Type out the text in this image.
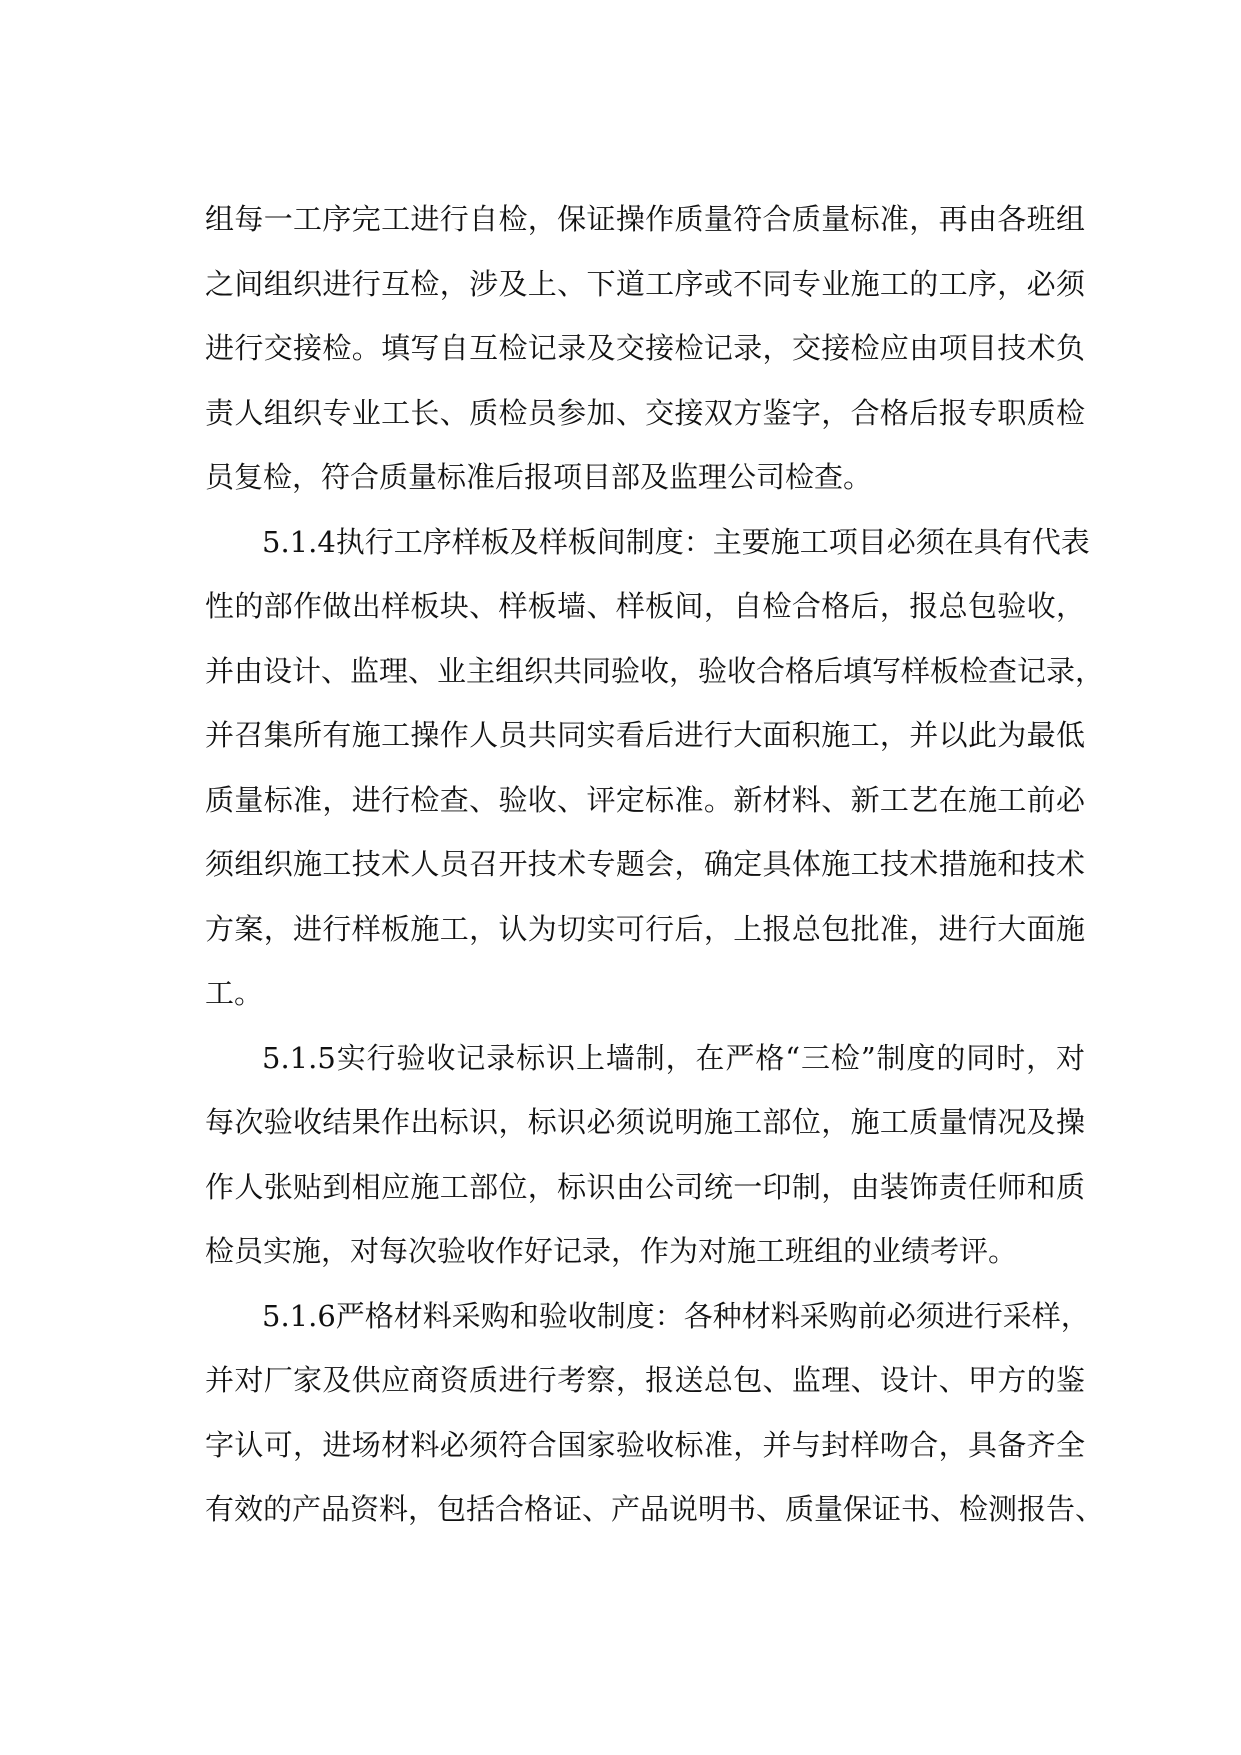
组每一工序完工进行自检，保证操作质量符合质量标准，再由各班组
之间组织进行互检，涉及上、下道工序或不同专业施工的工序，必须
进行交接检。填写自互检记录及交接检记录，交接检应由项目技术负
责人组织专业工长、质检员参加、交接双方鉴字，合格后报专职质检
员复检，符合质量标准后报项目部及监理公司检查。
5.1.4执行工序样板及样板间制度：主要施工项目必须在具有代表
性的部作做出样板块、样板墙、样板间，自检合格后，报总包验收，
并由设计、监理、业主组织共同验收，验收合格后填写样板检查记录，
并召集所有施工操作人员共同实看后进行大面积施工，并以此为最低
质量标准，进行检查、验收、评定标准。新材料、新工艺在施工前必
须组织施工技术人员召开技术专题会，确定具体施工技术措施和技术
方案，进行样板施工，认为切实可行后，上报总包批准，进行大面施
工。
5.1.5实行验收记录标识上墙制，在严格“三检”制度的同时，对
每次验收结果作出标识，标识必须说明施工部位，施工质量情况及操
作人张贴到相应施工部位，标识由公司统一印制，由装饰责任师和质
检员实施，对每次验收作好记录，作为对施工班组的业绩考评。
5.1.6严格材料采购和验收制度：各种材料采购前必须进行采样，
并对厂家及供应商资质进行考察，报送总包、监理、设计、甲方的鉴
字认可，进场材料必须符合国家验收标准，并与封样吻合，具备齐全
有效的产品资料，包括合格证、产品说明书、质量保证书、检测报告、
